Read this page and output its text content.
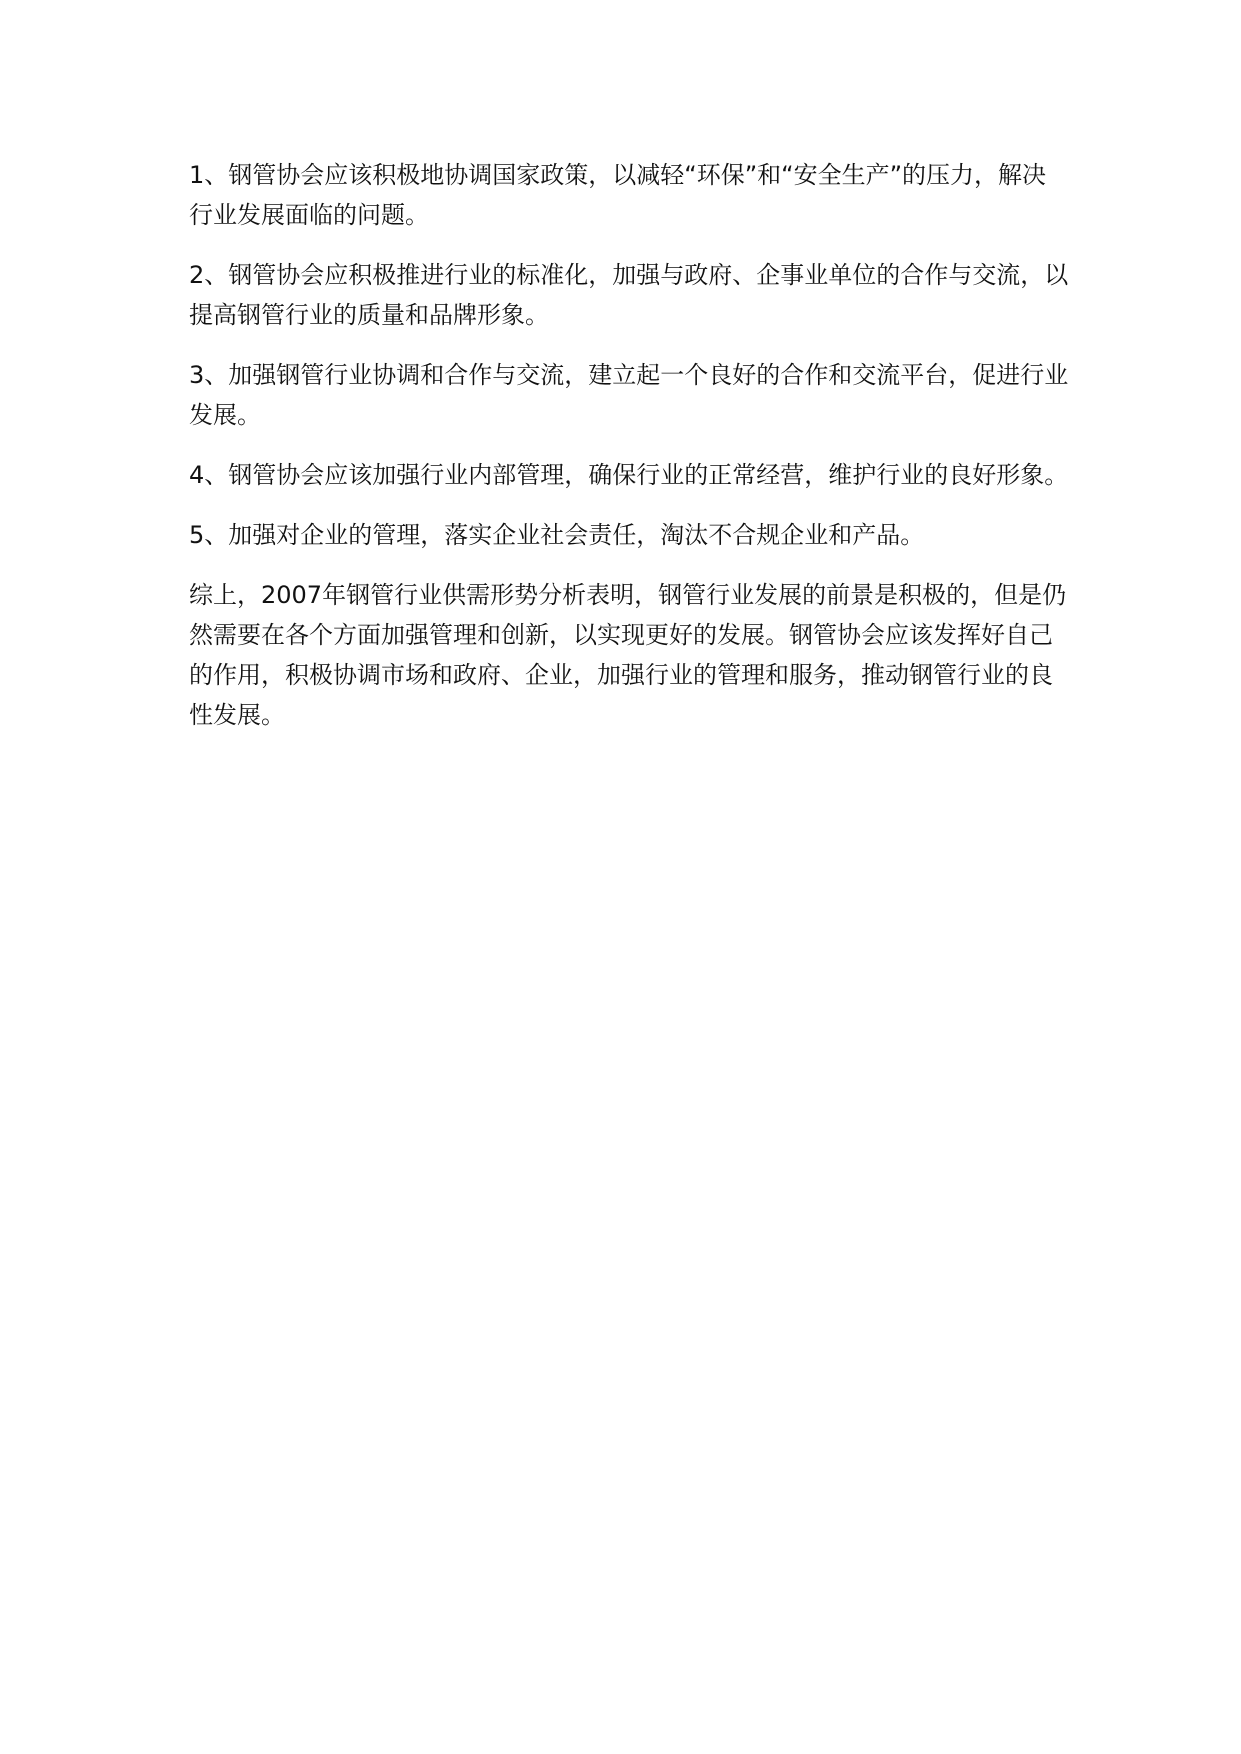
1、钢管协会应该积极地协调国家政策，以减轻“环保”和“安全生产”的压力，解决行业发展面临的问题。

2、钢管协会应积极推进行业的标准化，加强与政府、企事业单位的合作与交流，以提高钢管行业的质量和品牌形象。

3、加强钢管行业协调和合作与交流，建立起一个良好的合作和交流平台，促进行业发展。

4、钢管协会应该加强行业内部管理，确保行业的正常经营，维护行业的良好形象。

5、加强对企业的管理，落实企业社会责任，淘汰不合规企业和产品。

综上，2007年钢管行业供需形势分析表明，钢管行业发展的前景是积极的，但是仍然需要在各个方面加强管理和创新，以实现更好的发展。钢管协会应该发挥好自己的作用，积极协调市场和政府、企业，加强行业的管理和服务，推动钢管行业的良性发展。
